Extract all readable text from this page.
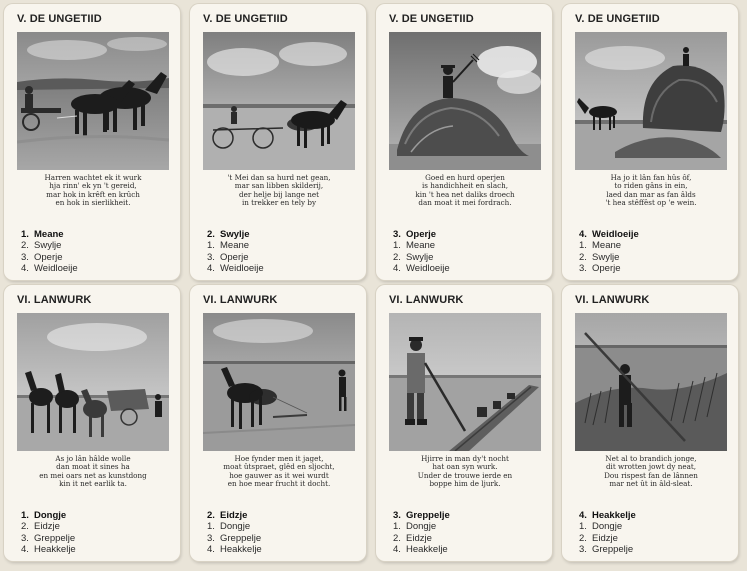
V. DE UNGETIID
Harren wachtet ek it wurk
hja rinn' ek yn 't gereid,
mar hok in krêft en krûch
en hok in sierlikheit.
1. Meane
2. Swylje
3. Operje
4. Weidloeije
V. DE UNGETIID
't Mei dan sa hurd net gean,
mar san libben skilderij,
der helje bij lange net
in trekker en tely by
2. Swylje
1. Meane
3. Operje
4. Weidloeije
V. DE UNGETIID
Goed en hurd operjen
is handichheit en slach,
kin 't hea net daliks droech
dan moat it mei fordrach.
3. Operje
1. Meane
2. Swylje
4. Weidloeije
V. DE UNGETIID
Ha jo it lân fan hûs ôf,
to riden gâns in ein,
laed dan mar as fan âlds
't hea stêffêst op 'e wein.
4. Weidloeije
1. Meane
2. Swylje
3. Operje
VI. LANWURK
As jo lân hâlde wolle
dan moat it sines ha
en mei oars net as kunstdong
kin it net earlik ta.
1. Dongje
2. Eidzje
3. Greppelje
4. Heakkelje
VI. LANWURK
Hoe fynder men it jaget,
moat ûtspraet, glêd en sljocht,
hoe gauwer as it wei wurdt
en hoe mear frucht it docht.
2. Eidzje
1. Dongje
3. Greppelje
4. Heakkelje
VI. LANWURK
Hjirre in man dy't nocht
hat oan syn wurk.
Under de trouwe ierde en
boppe him de ljurk.
3. Greppelje
1. Dongje
2. Eidzje
4. Heakkelje
VI. LANWURK
Net al to brandich jonge,
dit wrotten jowt dy neat,
Dou rispest fan de lânnen
mar net ût in âld-sleat.
4. Heakkelje
1. Dongje
2. Eidzje
3. Greppelje
